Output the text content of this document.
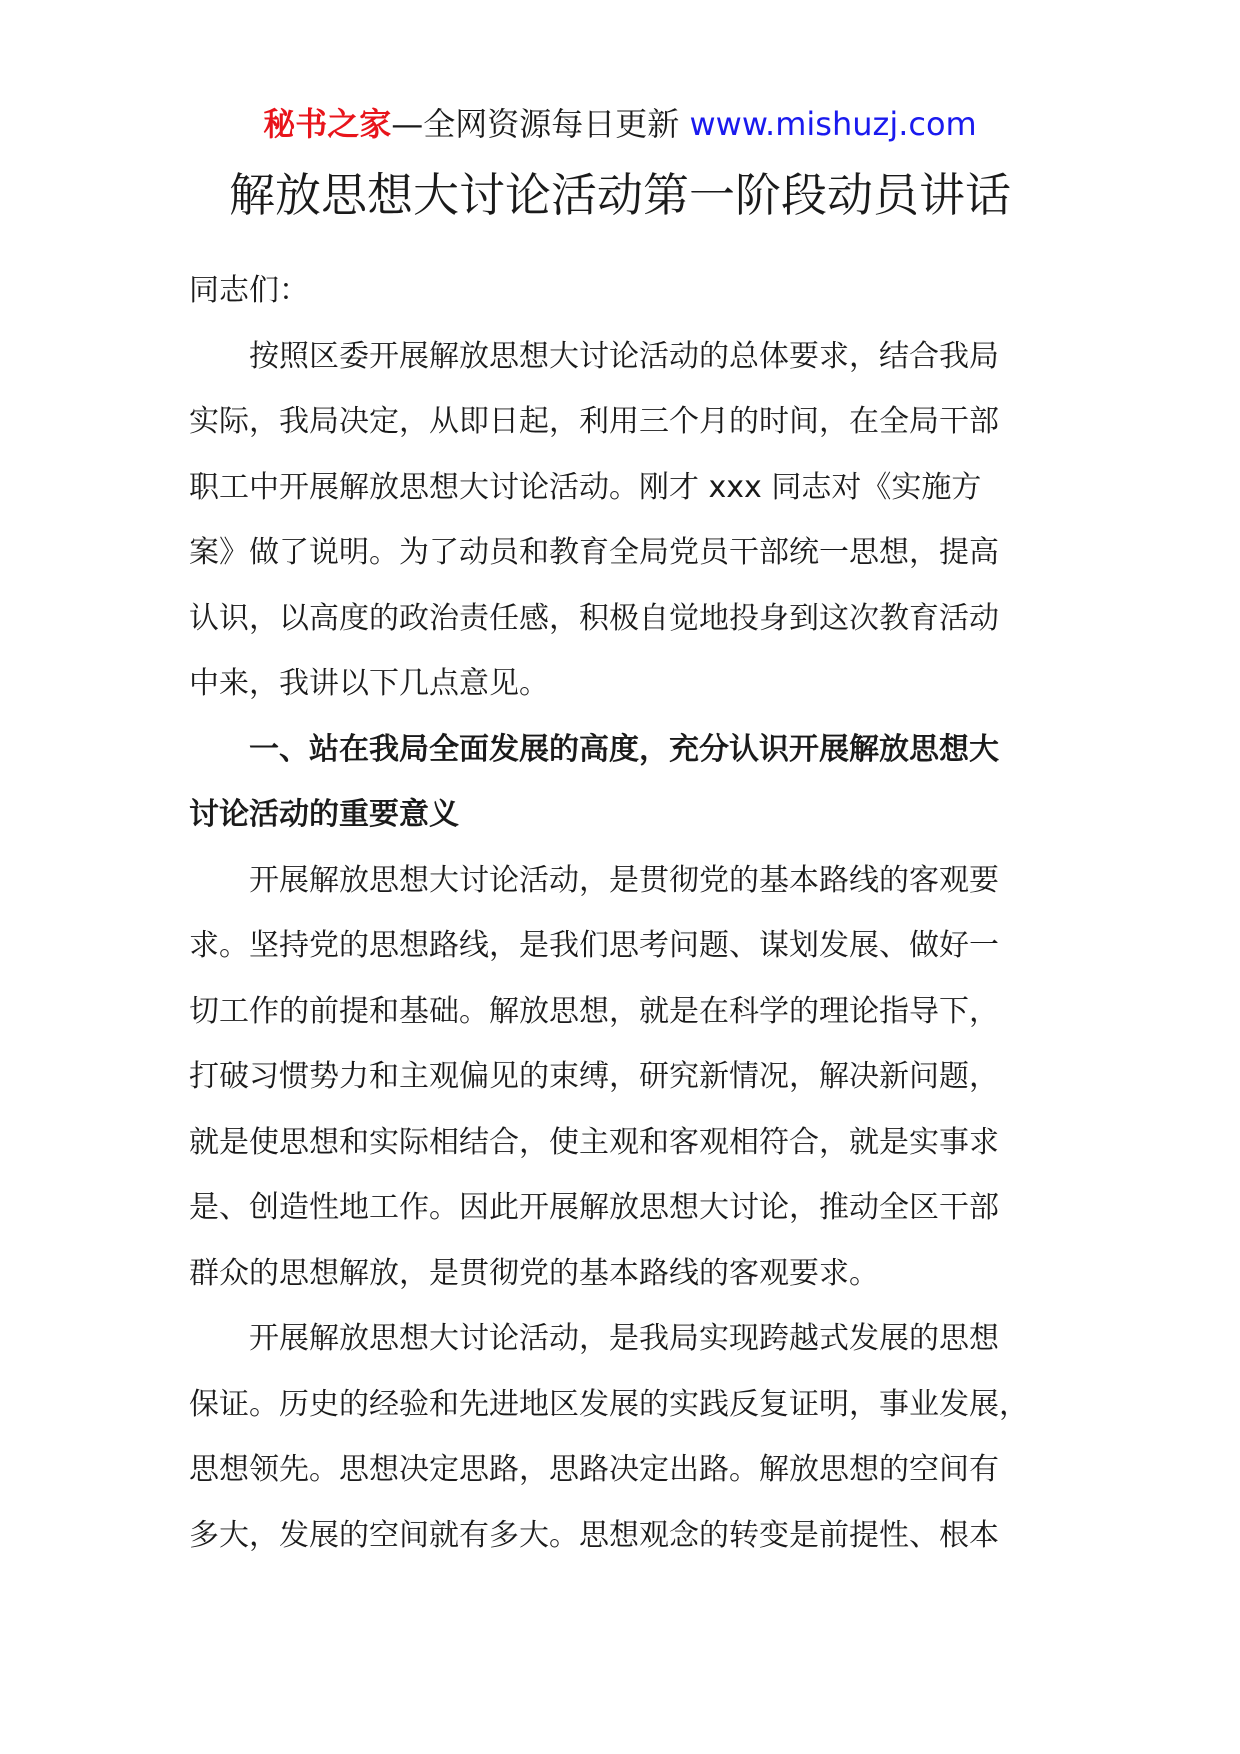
秘书之家—全网资源每日更新 www.mishuzj.com
解放思想大讨论活动第一阶段动员讲话
同志们：
按照区委开展解放思想大讨论活动的总体要求，结合我局
实际，我局决定，从即日起，利用三个月的时间，在全局干部
职工中开展解放思想大讨论活动。刚才 xxx 同志对《实施方
案》做了说明。为了动员和教育全局党员干部统一思想，提高
认识，以高度的政治责任感，积极自觉地投身到这次教育活动
中来，我讲以下几点意见。
一、站在我局全面发展的高度，充分认识开展解放思想大
讨论活动的重要意义
开展解放思想大讨论活动，是贯彻党的基本路线的客观要
求。坚持党的思想路线，是我们思考问题、谋划发展、做好一
切工作的前提和基础。解放思想，就是在科学的理论指导下，
打破习惯势力和主观偏见的束缚，研究新情况，解决新问题，
就是使思想和实际相结合，使主观和客观相符合，就是实事求
是、创造性地工作。因此开展解放思想大讨论，推动全区干部
群众的思想解放，是贯彻党的基本路线的客观要求。
开展解放思想大讨论活动，是我局实现跨越式发展的思想
保证。历史的经验和先进地区发展的实践反复证明，事业发展，
思想领先。思想决定思路，思路决定出路。解放思想的空间有
多大，发展的空间就有多大。思想观念的转变是前提性、根本
